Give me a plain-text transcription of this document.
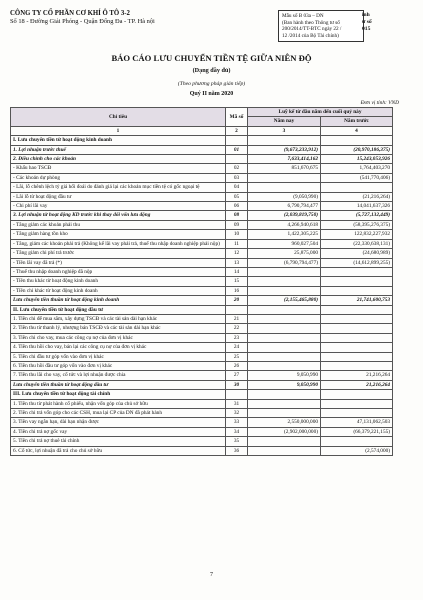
CÔNG TY CỔ PHẦN CƠ KHÍ Ô TÔ 3-2
Số 18 - Đường Giải Phóng - Quận Đống Đa - TP. Hà nội
Mẫu số B 03a – DN
(Ban hành theo Thông tư số
200/2014/TT-BTC ngày 22 /
12 /2014 của Bộ Tài chính)
inh
ư số
015
BÁO CÁO LƯU CHUYỂN TIỀN TỆ GIỮA NIÊN ĐỘ
(Dạng đầy đủ)
(Theo phương pháp gián tiếp)
Quý II năm 2020
Đơn vị tính: VND
Chỉ tiêu	Mã số	Luỹ kế từ đầu năm đến cuối quý này	
		Năm nay	Năm trước
1	2	3	4
I. Lưu chuyển tiền từ hoạt động kinh doanh			
1. Lợi nhuận trước thuế	01	(9,673,233,912)	(20,970,186,375)
2. Điều chỉnh cho các khoản		7,633,414,162	15,243,053,926
- Khấu hao TSCĐ	02	851,670,675	1,764,403,270
- Các khoản dự phòng	03		(541,770,406)
- Lãi, lỗ chênh lệch tỷ giá hối đoái do đánh giá lại các khoản mục tiền tệ có gốc ngoại tệ	04		
- Lãi lỗ từ hoạt động đầu tư	05	(9,050,990)	(21,216,264)
- Chi phí lãi vay	06	6,790,794,477	14,041,637,326
3. Lợi nhuận từ hoạt động KD trước khi thay đổi vốn lưu động	08	(2,039,819,750)	(5,727,132,449)
- Tăng giảm các khoản phải thu	09	4,266,940,618	(58,395,276,375)
- Tăng giảm hàng tồn kho	10	1,422,305,225	122,832,227,932
- Tăng, giảm các khoản phải trả (Không kể lãi vay phải trả, thuế thu nhập doanh nghiệp phải nộp)	11	960,027,504	(22,330,638,131)
- Tăng giảm chi phí trả trước	12	25,875,000	(24,680,989)
- Tiền lãi vay đã trả (*)	13	(6,790,794,477)	(14,612,899,255)
- Thuế thu nhập doanh nghiệp đã nộp	14		
- Tiền thu khác từ hoạt động kinh doanh	15		
- Tiền chi khác từ hoạt động kinh doanh	16		
Lưu chuyển tiền thuần từ hoạt động kinh doanh	20	(2,155,465,880)	21,741,600,753
II. Lưu chuyển tiền từ hoạt động đầu tư			
1. Tiền chi để mua sắm, xây dựng TSCĐ và các tài sản dài hạn khác	21		
2. Tiền thu từ thanh lý, nhượng bán TSCĐ và các tài sản dài hạn khác	22		
3. Tiền chi cho vay, mua các công cụ nợ của đơn vị khác	23		
4. Tiền thu hồi cho vay, bán lại các công cụ nợ của đơn vị khác	24		
5. Tiền chi đầu tư góp vốn vào đơn vị khác	25		
6. Tiền thu hồi đầu tư góp vốn vào đơn vị khác	26		
7. Tiền thu lãi cho vay, cổ tức và lợi nhuận được chia	27	9,050,990	21,216,264
Lưu chuyển tiền thuần từ hoạt động đầu tư	30	9,050,990	21,216,264
III. Lưu chuyển tiền từ hoạt động tài chính			
1. Tiền thu từ phát hành cổ phiếu, nhận vốn góp của chủ sở hữu	31		
2. Tiền chi trả vốn góp cho các CSH, mua lại CP của DN đã phát hành	32		
3. Tiền vay ngắn hạn, dài hạn nhận được	33	2,550,000,000	47,131,062,503
4. Tiền chi trả nợ gốc vay	34	(2,902,000,000)	(66,379,221,155)
5. Tiền chi trả nợ thuê tài chính	35		
6. Cổ tức, lợi nhuận đã trả cho chủ sở hữu	36		(2,574,000)
7
